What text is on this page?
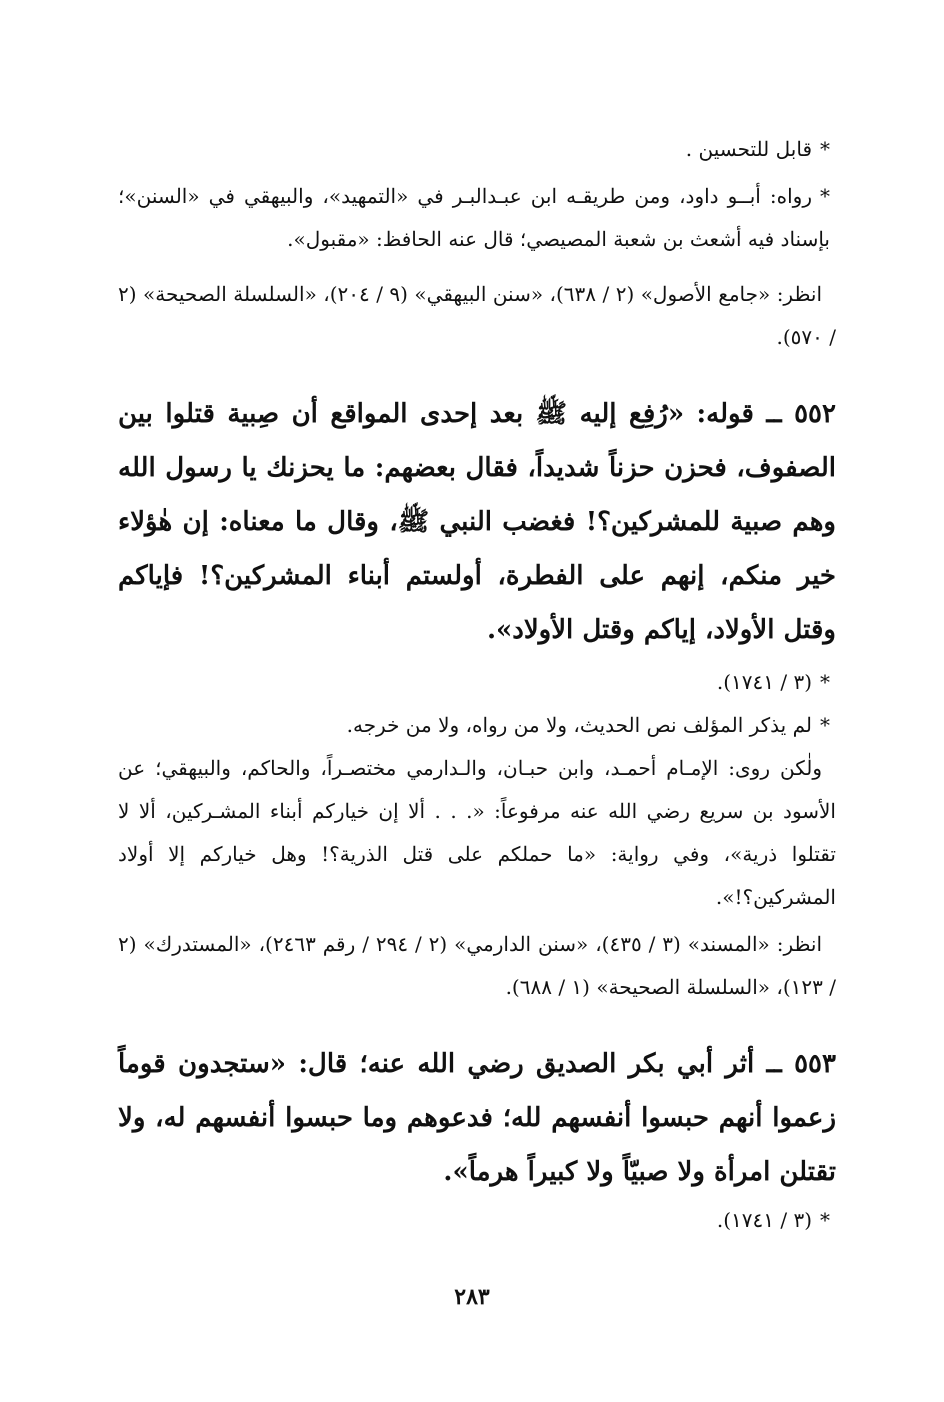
*قابل للتحسين .

*رواه: أبــو داود، ومن طريقـه ابن عبـدالبـر في «التمهيد»، والبيهقي في «السنن»؛ بإسناد فيه أشعث بن شعبة المصيصي؛ قال عنه الحافظ: «مقبول».

انظر: «جامع الأصول» (٢ / ٦٣٨)، «سنن البيهقي» (٩ / ٢٠٤)، «السلسلة الصحيحة» (٢ / ٥٧٠).

٥٥٢ ــ قوله: «رُفِع إليه ﷺ بعد إحدى المواقع أن صِبية قتلوا بين الصفوف، فحزن حزناً شديداً، فقال بعضهم: ما يحزنك يا رسول الله وهم صبية للمشركين؟! فغضب النبي ﷺ، وقال ما معناه: إن هٰؤلاء خير منكم، إنهم على الفطرة، أولستم أبناء المشركين؟! فإياكم وقتل الأولاد، إياكم وقتل الأولاد».

*(٣ / ١٧٤١).

*لم يذكر المؤلف نص الحديث، ولا من رواه، ولا من خرجه.

ولٰكن روى: الإمـام أحمـد، وابن حبـان، والـدارمي مختصـراً، والحاكم، والبيهقي؛ عن الأسود بن سريع رضي الله عنه مرفوعاً: «. . . ألا إن خياركم أبناء المشـركين، ألا لا تقتلوا ذرية»، وفي رواية: «ما حملكم على قتل الذرية؟! وهل خياركم إلا أولاد المشركين؟!».

انظر: «المسند» (٣ / ٤٣٥)، «سنن الدارمي» (٢ / ٢٩٤ / رقم ٢٤٦٣)، «المستدرك» (٢ / ١٢٣)، «السلسلة الصحيحة» (١ / ٦٨٨).

٥٥٣ ــ أثر أبي بكر الصديق رضي الله عنه؛ قال: «ستجدون قوماً زعموا أنهم حبسوا أنفسهم لله؛ فدعوهم وما حبسوا أنفسهم له، ولا تقتلن امرأة ولا صبيّاً ولا كبيراً هرماً».

*(٣ / ١٧٤١).

٢٨٣
